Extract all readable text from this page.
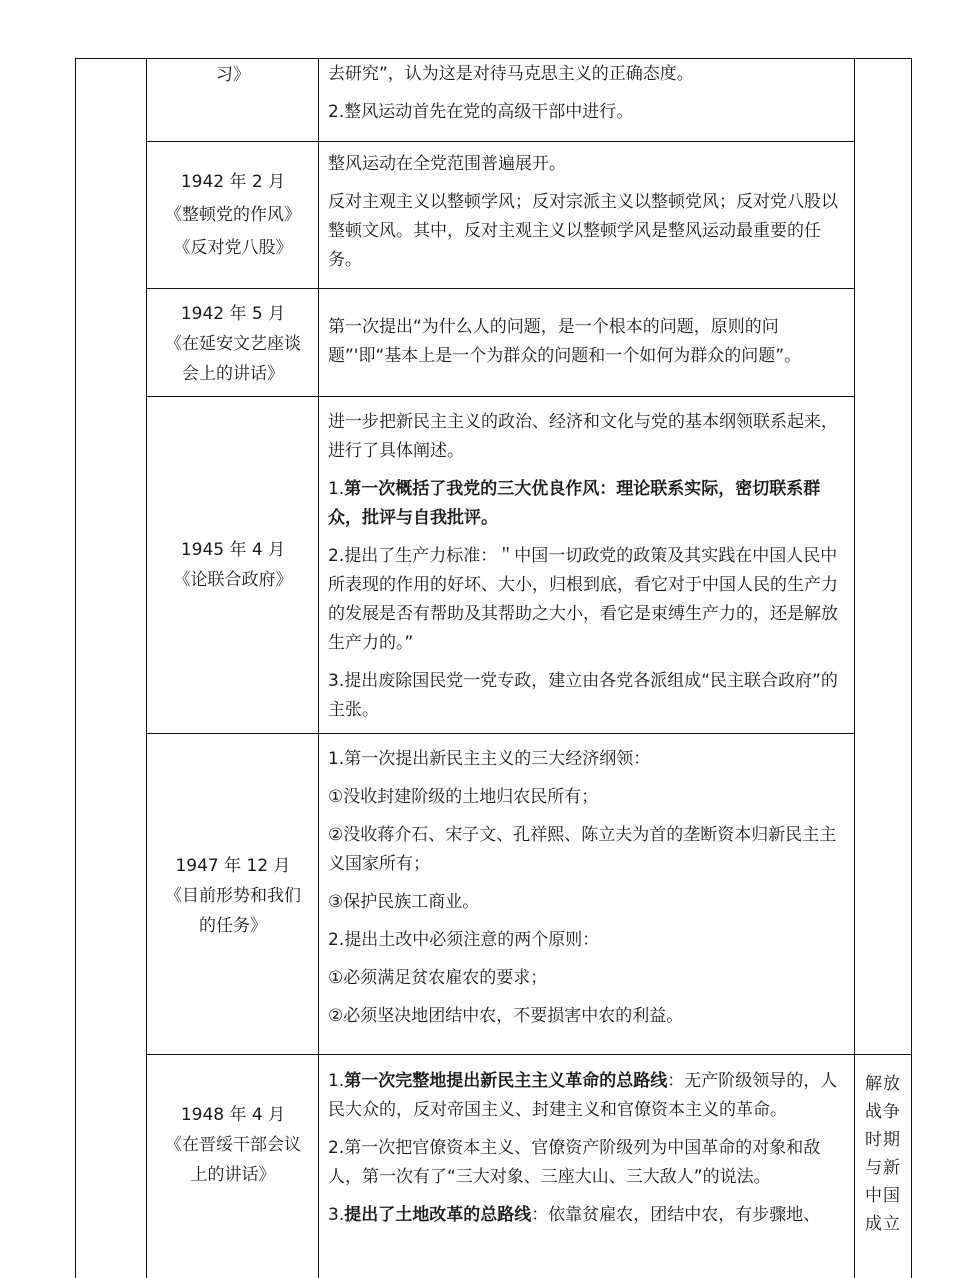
习》	去研究”，认为这是对待马克思主义的正确态度。

2.整风运动首先在党的高级干部中进行。

1942 年 2 月
《整顿党的作风》
《反对党八股》

整风运动在全党范围普遍展开。

反对主观主义以整顿学风；反对宗派主义以整顿党风；反对党八股以整顿文风。其中，反对主观主义以整顿学风是整风运动最重要的任务。

1942 年 5 月
《在延安文艺座谈
会上的讲话》

第一次提出“为什么人的问题，是一个根本的问题，原则的问题”'即“基本上是一个为群众的问题和一个如何为群众的问题”。

1945 年 4 月
《论联合政府》

进一步把新民主主义的政治、经济和文化与党的基本纲领联系起来，进行了具体阐述。

1.第一次概括了我党的三大优良作风：理论联系实际，密切联系群众，批评与自我批评。

2.提出了生产力标准：＂中国一切政党的政策及其实践在中国人民中所表现的作用的好坏、大小，归根到底，看它对于中国人民的生产力的发展是否有帮助及其帮助之大小，看它是束缚生产力的，还是解放生产力的。”

3.提出废除国民党一党专政，建立由各党各派组成“民主联合政府”的主张。

1947 年 12 月
《目前形势和我们
的任务》

1.第一次提出新民主主义的三大经济纲领：

①没收封建阶级的土地归农民所有；

②没收蒋介石、宋子文、孔祥熙、陈立夫为首的垄断资本归新民主主义国家所有；

③保护民族工商业。

2.提出土改中必须注意的两个原则：

①必须满足贫农雇农的要求；

②必须坚决地团结中农，不要损害中农的利益。

1948 年 4 月
《在晋绥干部会议
上的讲话》

1.第一次完整地提出新民主主义革命的总路线：无产阶级领导的，人民大众的，反对帝国主义、封建主义和官僚资本主义的革命。

2.第一次把官僚资本主义、官僚资产阶级列为中国革命的对象和敌人，第一次有了“三大对象、三座大山、三大敌人”的说法。

3.提出了土地改革的总路线：依靠贫雇农，团结中农，有步骤地、

解放战争时期与新中国成立
